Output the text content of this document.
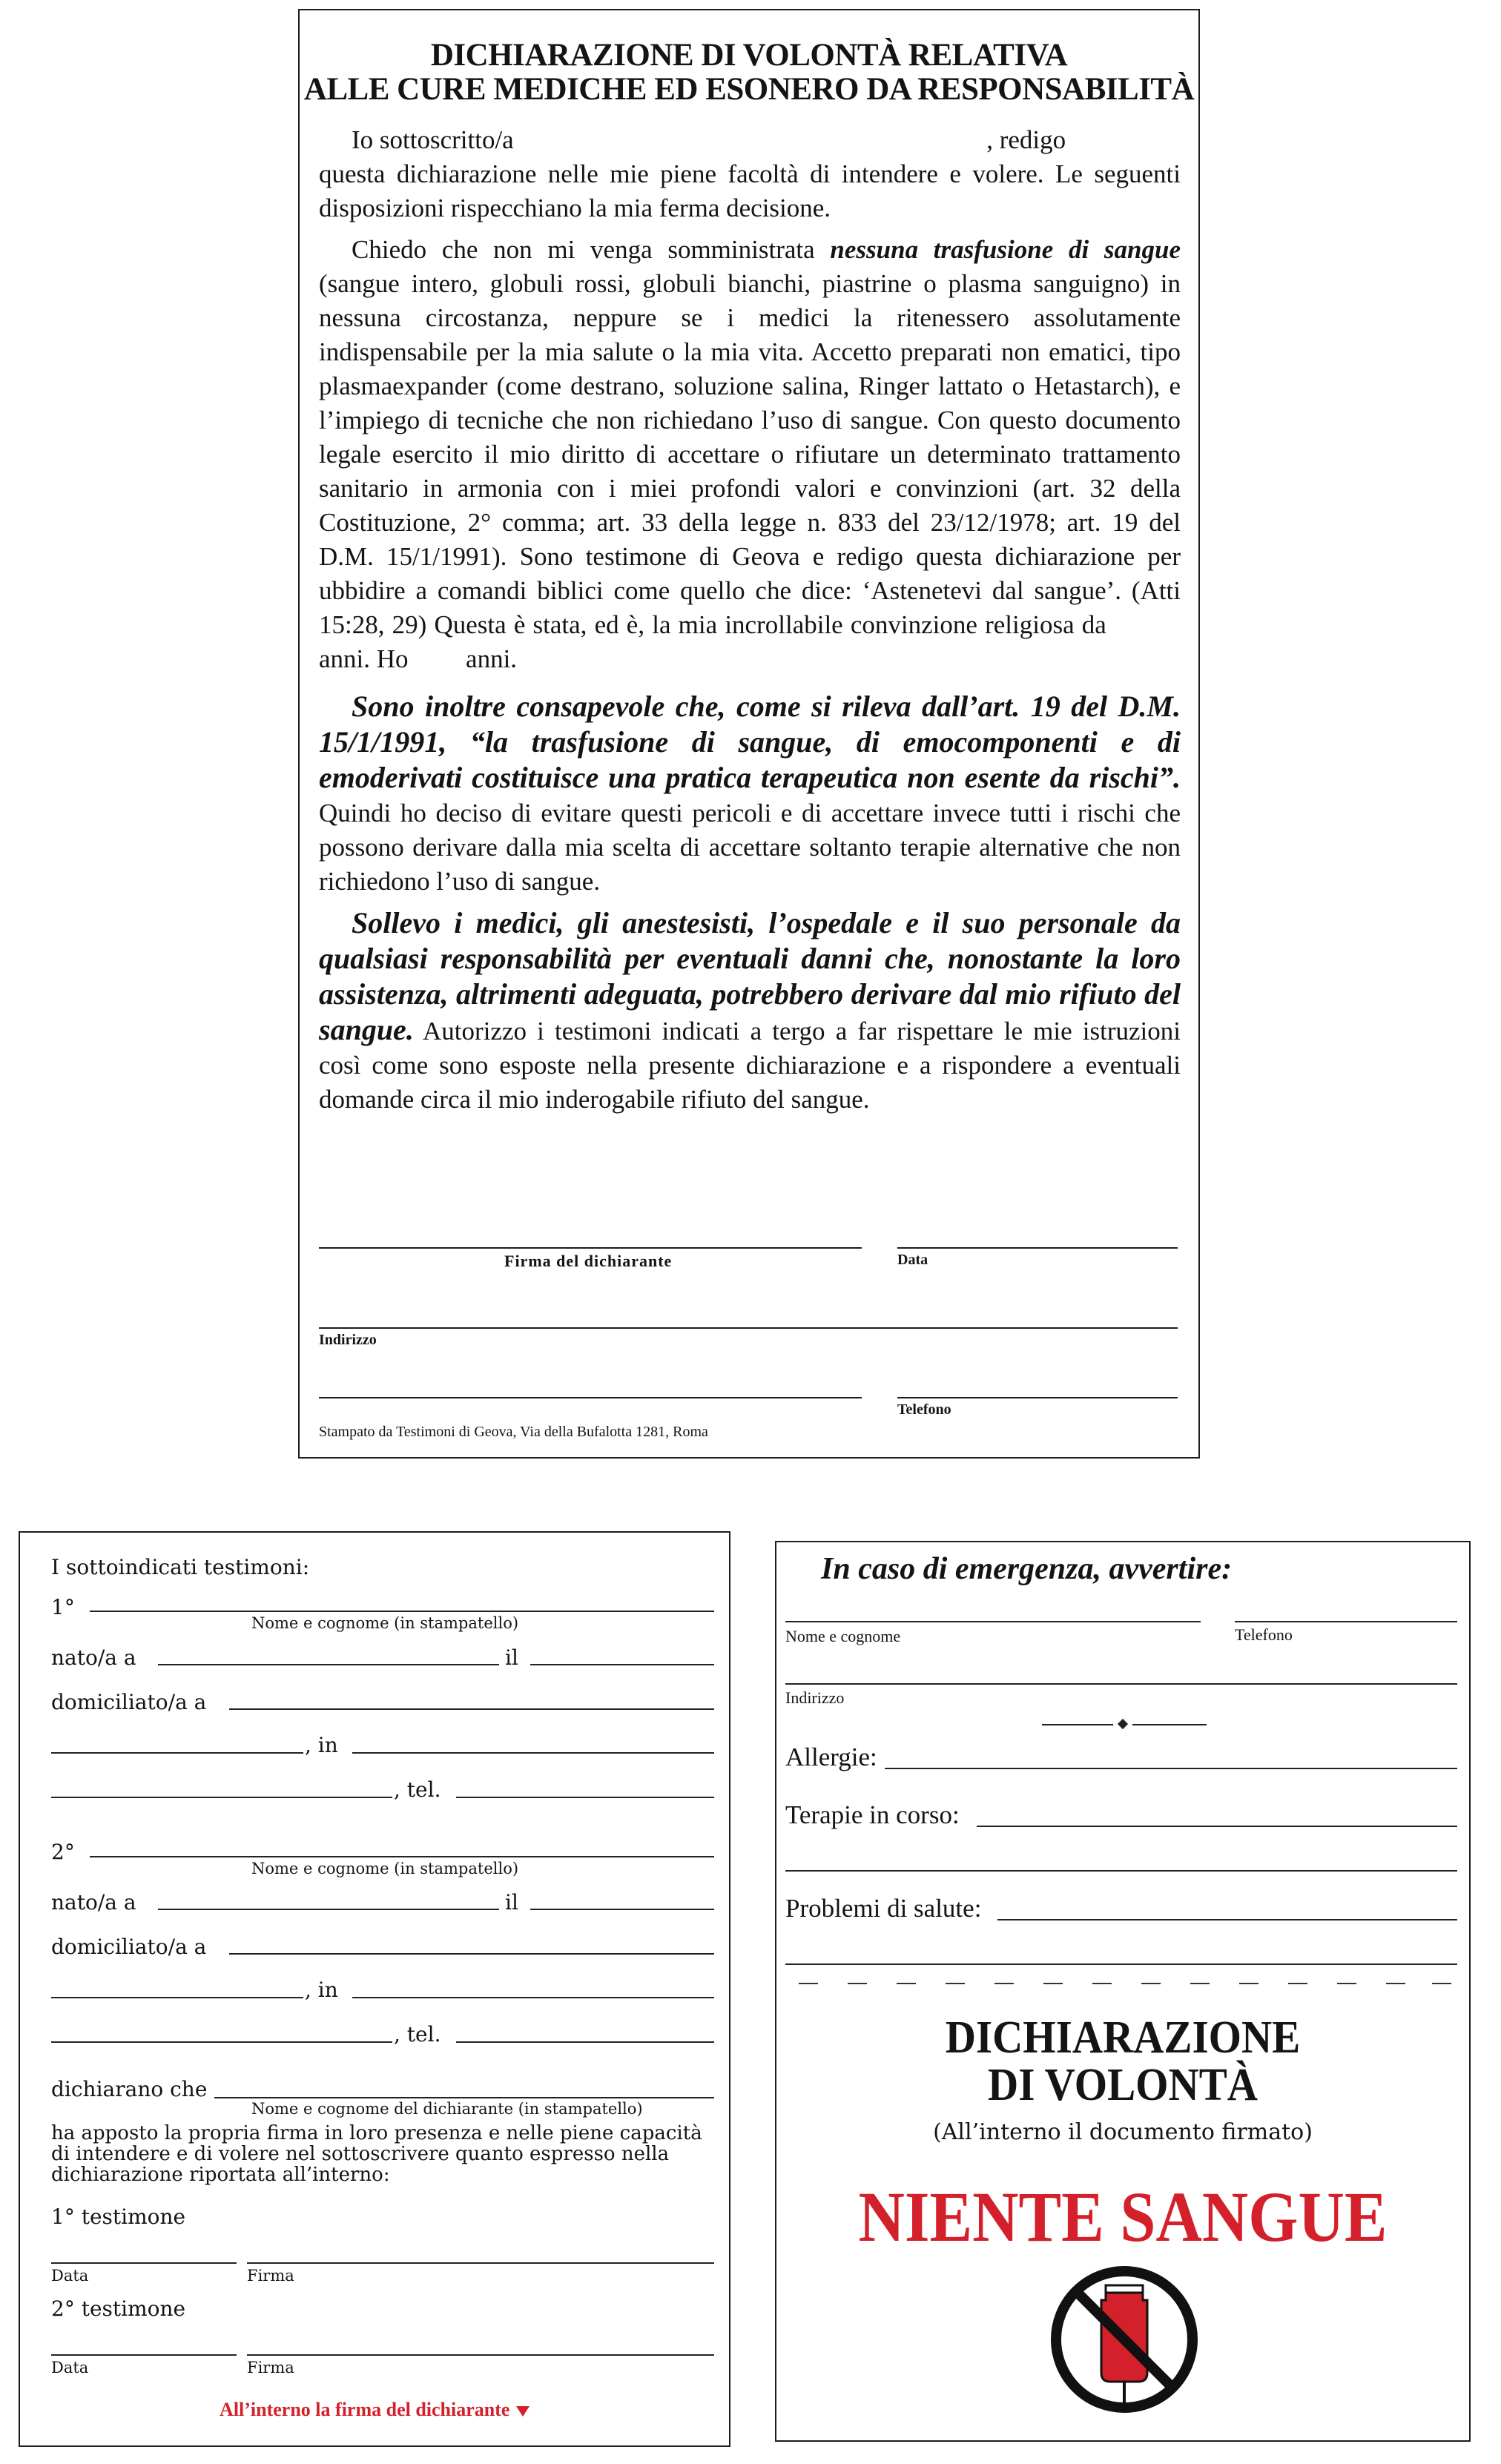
DICHIARAZIONE DI VOLONTÀ RELATIVA
ALLE CURE MEDICHE ED ESONERO DA RESPONSABILITÀ

Io sottoscritto/a	, redigo

questa dichiarazione nelle mie piene facoltà di intendere e volere. Le seguenti disposizioni rispecchiano la mia ferma decisione.

Chiedo che non mi venga somministrata nessuna trasfusione di sangue (sangue intero, globuli rossi, globuli bianchi, piastrine o plasma sanguigno) in nessuna circostanza, neppure se i medici la ritenessero assolutamente indispensabile per la mia salute o la mia vita. Accetto preparati non ematici, tipo plasmaexpander (come destrano, soluzione salina, Ringer lattato o Hetastarch), e l’impiego di tecniche che non richiedano l’uso di sangue. Con questo documento legale esercito il mio diritto di accettare o rifiutare un determinato trattamento sanitario in armonia con i miei profondi valori e convinzioni (art. 32 della Costituzione, 2° comma; art. 33 della legge n. 833 del 23/12/1978; art. 19 del D.M. 15/1/1991). Sono testimone di Geova e redigo questa dichiarazione per ubbidire a comandi biblici come quello che dice: ‘Astenetevi dal sangue’. (Atti 15:28, 29) Questa è stata, ed è, la mia incrollabile convinzione religiosa da  anni. Ho anni.

Sono inoltre consapevole che, come si rileva dall’art. 19 del D.M. 15/1/1991, “la trasfusione di sangue, di emocomponenti e di emoderivati costituisce una pratica terapeutica non esente da rischi”. Quindi ho deciso di evitare questi pericoli e di accettare invece tutti i rischi che possono derivare dalla mia scelta di accettare soltanto terapie alternative che non richiedono l’uso di sangue.

Sollevo i medici, gli anestesisti, l’ospedale e il suo personale da qualsiasi responsabilità per eventuali danni che, nonostante la loro assistenza, altrimenti adeguata, potrebbero derivare dal mio rifiuto del sangue. Autorizzo i testimoni indicati a tergo a far rispettare le mie istruzioni così come sono esposte nella presente dichiarazione e a rispondere a eventuali domande circa il mio inderogabile rifiuto del sangue.

Firma del dichiarante	Data
Indirizzo
Telefono
Stampato da Testimoni di Geova, Via della Bufalotta 1281, Roma
I sottoindicati testimoni:
1°
Nome e cognome (in stampatello)
nato/a a	il
domiciliato/a a
, in
, tel.
2°
Nome e cognome (in stampatello)
nato/a a	il
domiciliato/a a
, in
, tel.
dichiarano che
Nome e cognome del dichiarante (in stampatello)
ha apposto la propria firma in loro presenza e nelle piene capacità di intendere e di volere nel sottoscrivere quanto espresso nella dichiarazione riportata all’interno:
1° testimone
Data	Firma
2° testimone
Data	Firma
All’interno la firma del dichiarante
In caso di emergenza, avvertire:
Nome e cognome	Telefono
Indirizzo
Allergie:
Terapie in corso:
Problemi di salute:
DICHIARAZIONE
DI VOLONTÀ
(All’interno il documento firmato)
NIENTE SANGUE
